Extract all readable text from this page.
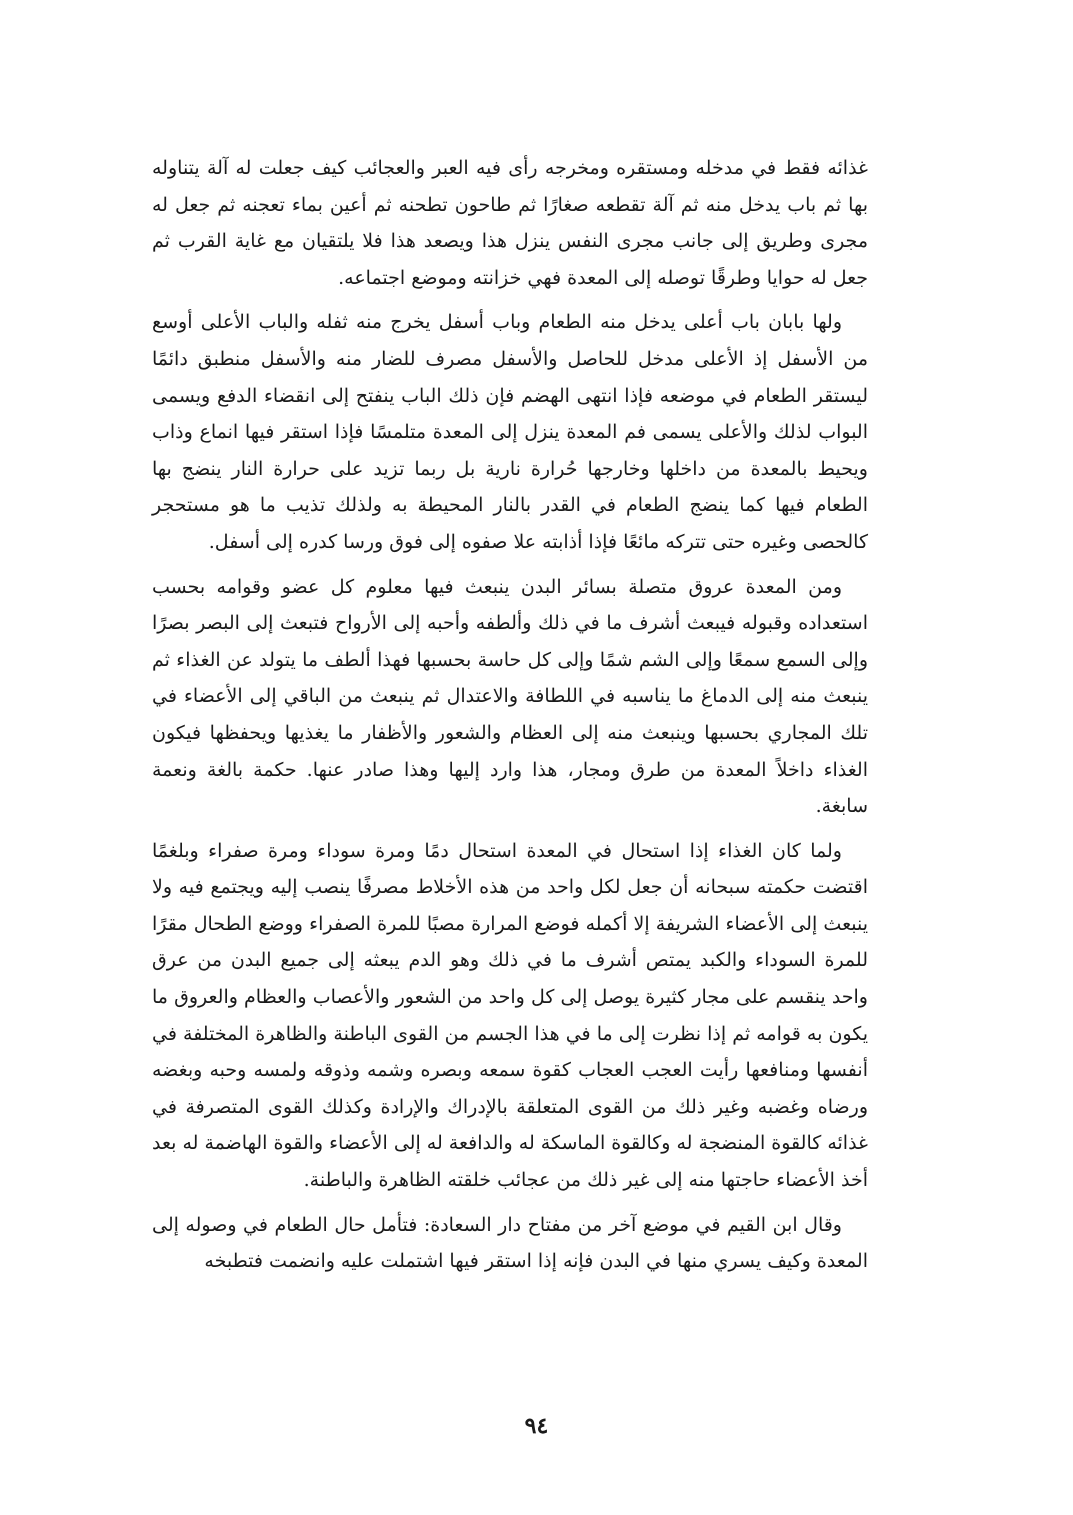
غذائه فقط في مدخله ومستقره ومخرجه رأى فيه العبر والعجائب كيف جعلت له آلة يتناوله بها ثم باب يدخل منه ثم آلة تقطعه صغارًا ثم طاحون تطحنه ثم أعين بماء تعجنه ثم جعل له مجرى وطريق إلى جانب مجرى النفس ينزل هذا ويصعد هذا فلا يلتقيان مع غاية القرب ثم جعل له حوايا وطرقًا توصله إلى المعدة فهي خزانته وموضع اجتماعه.

ولها بابان باب أعلى يدخل منه الطعام وباب أسفل يخرج منه ثفله والباب الأعلى أوسع من الأسفل إذ الأعلى مدخل للحاصل والأسفل مصرف للضار منه والأسفل منطبق دائمًا ليستقر الطعام في موضعه فإذا انتهى الهضم فإن ذلك الباب ينفتح إلى انقضاء الدفع ويسمى البواب لذلك والأعلى يسمى فم المعدة ينزل إلى المعدة متلمسًا فإذا استقر فيها انماع وذاب ويحيط بالمعدة من داخلها وخارجها حُرارة نارية بل ربما تزيد على حرارة النار ينضج بها الطعام فيها كما ينضج الطعام في القدر بالنار المحيطة به ولذلك تذيب ما هو مستحجر كالحصى وغيره حتى تتركه مائعًا فإذا أذابته علا صفوه إلى فوق ورسا كدره إلى أسفل.

ومن المعدة عروق متصلة بسائر البدن ينبعث فيها معلوم كل عضو وقوامه بحسب استعداده وقبوله فيبعث أشرف ما في ذلك وألطفه وأحبه إلى الأرواح فتبعث إلى البصر بصرًا وإلى السمع سمعًا وإلى الشم شمًا وإلى كل حاسة بحسبها فهذا ألطف ما يتولد عن الغذاء ثم ينبعث منه إلى الدماغ ما يناسبه في اللطافة والاعتدال ثم ينبعث من الباقي إلى الأعضاء في تلك المجاري بحسبها وينبعث منه إلى العظام والشعور والأظفار ما يغذيها ويحفظها فيكون الغذاء داخلاً المعدة من طرق ومجار، هذا وارد إليها وهذا صادر عنها. حكمة بالغة ونعمة سابغة.

ولما كان الغذاء إذا استحال في المعدة استحال دمًا ومرة سوداء ومرة صفراء وبلغمًا اقتضت حكمته سبحانه أن جعل لكل واحد من هذه الأخلاط مصرفًا ينصب إليه ويجتمع فيه ولا ينبعث إلى الأعضاء الشريفة إلا أكمله فوضع المرارة مصبًا للمرة الصفراء ووضع الطحال مقرًا للمرة السوداء والكبد يمتص أشرف ما في ذلك وهو الدم يبعثه إلى جميع البدن من عرق واحد ينقسم على مجار كثيرة يوصل إلى كل واحد من الشعور والأعصاب والعظام والعروق ما يكون به قوامه ثم إذا نظرت إلى ما في هذا الجسم من القوى الباطنة والظاهرة المختلفة في أنفسها ومنافعها رأيت العجب العجاب كقوة سمعه وبصره وشمه وذوقه ولمسه وحبه وبغضه ورضاه وغضبه وغير ذلك من القوى المتعلقة بالإدراك والإرادة وكذلك القوى المتصرفة في غذائه كالقوة المنضجة له وكالقوة الماسكة له والدافعة له إلى الأعضاء والقوة الهاضمة له بعد أخذ الأعضاء حاجتها منه إلى غير ذلك من عجائب خلقته الظاهرة والباطنة.

وقال ابن القيم في موضع آخر من مفتاح دار السعادة: فتأمل حال الطعام في وصوله إلى المعدة وكيف يسري منها في البدن فإنه إذا استقر فيها اشتملت عليه وانضمت فتطبخه

٩٤
